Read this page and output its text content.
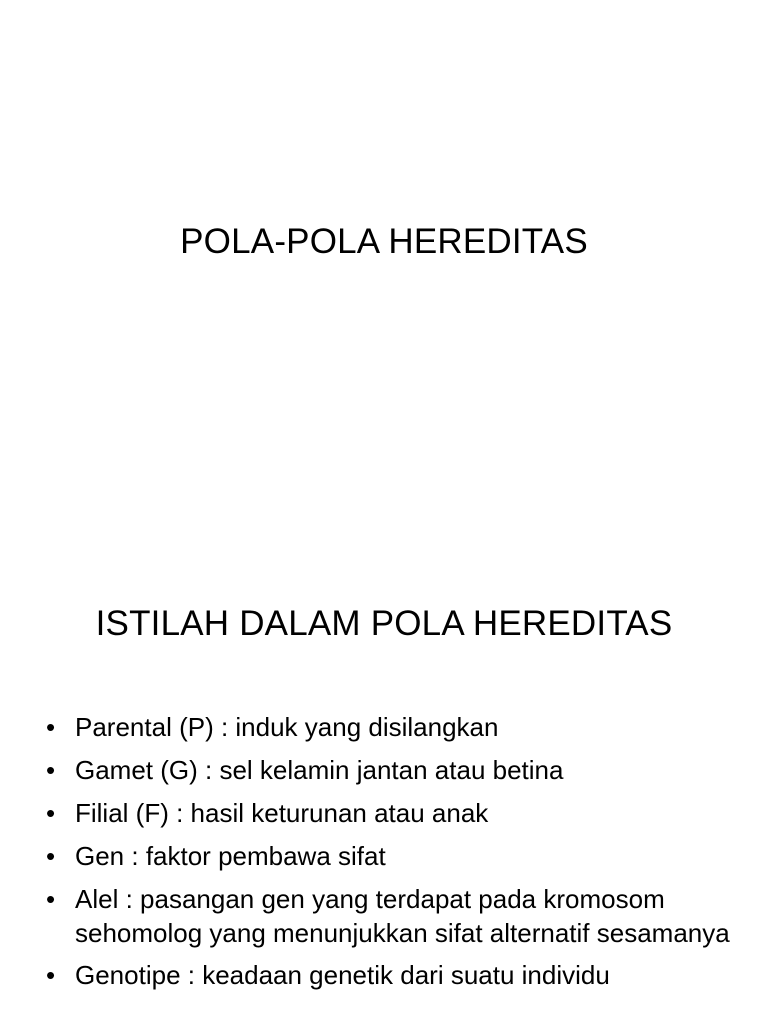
POLA-POLA HEREDITAS
ISTILAH DALAM POLA HEREDITAS
• Parental (P) : induk yang disilangkan
• Gamet (G) : sel kelamin jantan atau betina
• Filial (F) : hasil keturunan atau anak
• Gen : faktor pembawa sifat
• Alel : pasangan gen yang terdapat pada kromosom sehomolog yang menunjukkan sifat alternatif sesamanya
• Genotipe : keadaan genetik dari suatu individu
